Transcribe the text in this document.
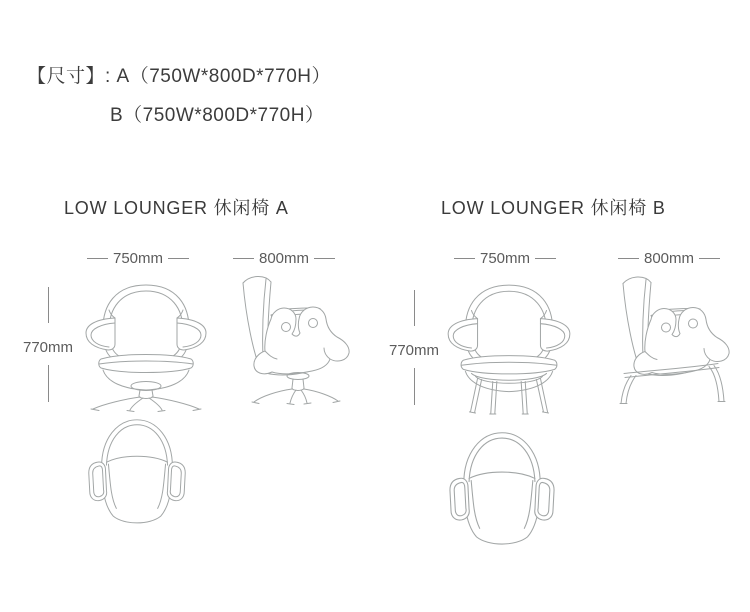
【尺寸】: A（750W*800D*770H）
B（750W*800D*770H）
LOW LOUNGER 休闲椅 A	LOW LOUNGER 休闲椅 B
750mm	800mm
770mm
750mm	800mm
770mm
